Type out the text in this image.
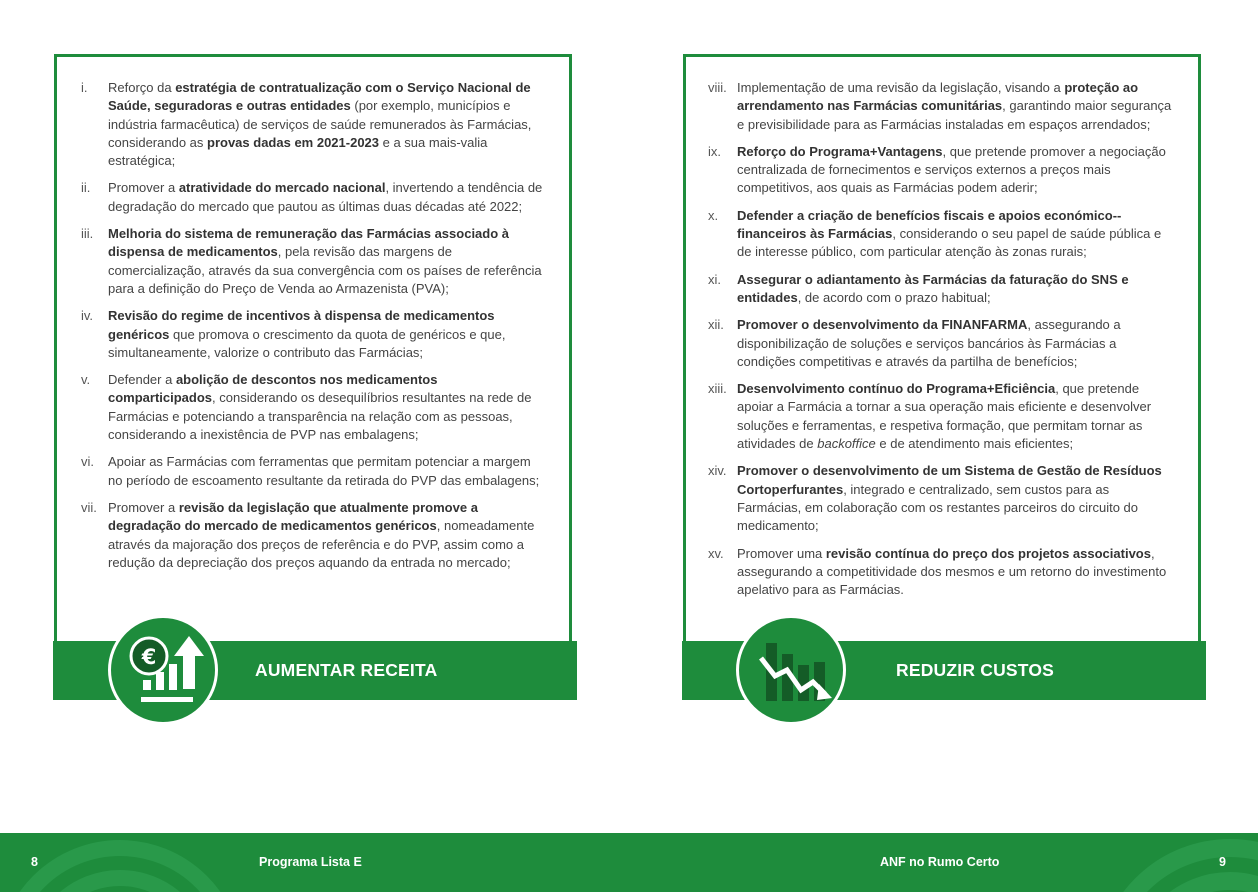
i.	Reforço da estratégia de contratualização com o Serviço Nacional de Saúde, seguradoras e outras entidades (por exemplo, municípios e indústria farmacêutica) de serviços de saúde remunerados às Farmácias, considerando as provas dadas em 2021-2023 e a sua mais-valia estratégica;
ii.	Promover a atratividade do mercado nacional, invertendo a tendência de degradação do mercado que pautou as últimas duas décadas até 2022;
iii.	Melhoria do sistema de remuneração das Farmácias associado à dispensa de medicamentos, pela revisão das margens de comercialização, através da sua convergência com os países de referência para a definição do Preço de Venda ao Armazenista (PVA);
iv.	Revisão do regime de incentivos à dispensa de medicamentos genéricos que promova o crescimento da quota de genéricos e que, simultaneamente, valorize o contributo das Farmácias;
v.	Defender a abolição de descontos nos medicamentos comparticipados, considerando os desequilíbrios resultantes na rede de Farmácias e potenciando a transparência na relação com as pessoas, considerando a inexistência de PVP nas embalagens;
vi.	Apoiar as Farmácias com ferramentas que permitam potenciar a margem no período de escoamento resultante da retirada do PVP das embalagens;
vii. Promover a revisão da legislação que atualmente promove a degradação do mercado de medicamentos genéricos, nomeadamente através da majoração dos preços de referência e do PVP, assim como a redução da depreciação dos preços aquando da entrada no mercado;
AUMENTAR RECEITA
€
viii. Implementação de uma revisão da legislação, visando a proteção ao arrendamento nas Farmácias comunitárias, garantindo maior segurança e previsibilidade para as Farmácias instaladas em espaços arrendados;
ix.	Reforço do Programa+Vantagens, que pretende promover a negociação centralizada de fornecimentos e serviços externos a preços mais competitivos, aos quais as Farmácias podem aderir;
x.	Defender a criação de benefícios fiscais e apoios económico--financeiros às Farmácias, considerando o seu papel de saúde pública e de interesse público, com particular atenção às zonas rurais;
xi.	Assegurar o adiantamento às Farmácias da faturação do SNS e entidades, de acordo com o prazo habitual;
xii.	Promover o desenvolvimento da FINANFARMA, assegurando a disponibilização de soluções e serviços bancários às Farmácias a condições competitivas e através da partilha de benefícios;
xiii. Desenvolvimento contínuo do Programa+Eficiência, que pretende apoiar a Farmácia a tornar a sua operação mais eficiente e desenvolver soluções e ferramentas, e respetiva formação, que permitam tornar as atividades de backoffice e de atendimento mais eficientes;
xiv. Promover o desenvolvimento de um Sistema de Gestão de Resíduos Cortoperfurantes, integrado e centralizado, sem custos para as Farmácias, em colaboração com os restantes parceiros do circuito do medicamento;
xv.	Promover uma revisão contínua do preço dos projetos associativos, assegurando a competitividade dos mesmos e um retorno do investimento apelativo para as Farmácias.
REDUZIR CUSTOS
8	Programa Lista E	ANF no Rumo Certo	9
